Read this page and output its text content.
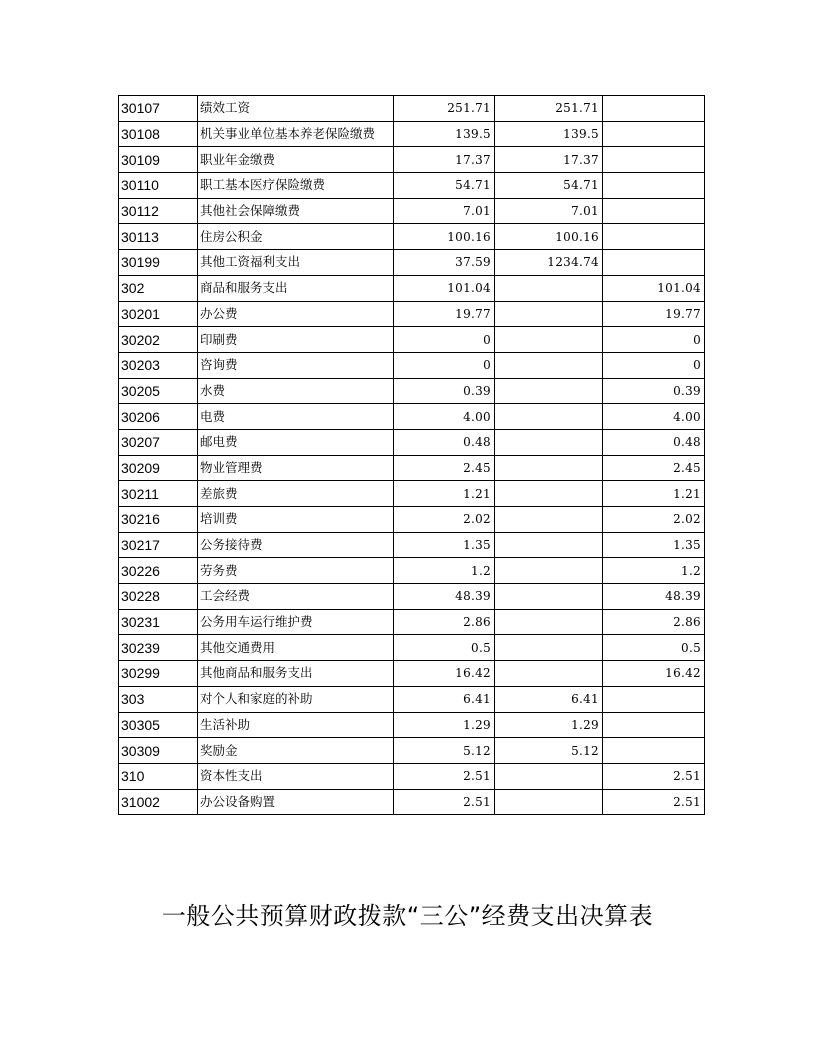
30107	绩效工资	251.71	251.71	
30108	机关事业单位基本养老保险缴费	139.5	139.5	
30109	职业年金缴费	17.37	17.37	
30110	职工基本医疗保险缴费	54.71	54.71	
30112	其他社会保障缴费	7.01	7.01	
30113	住房公积金	100.16	100.16	
30199	其他工资福利支出	37.59	1234.74	
302	商品和服务支出	101.04		101.04
30201	办公费	19.77		19.77
30202	印刷费	0		0
30203	咨询费	0		0
30205	水费	0.39		0.39
30206	电费	4.00		4.00
30207	邮电费	0.48		0.48
30209	物业管理费	2.45		2.45
30211	差旅费	1.21		1.21
30216	培训费	2.02		2.02
30217	公务接待费	1.35		1.35
30226	劳务费	1.2		1.2
30228	工会经费	48.39		48.39
30231	公务用车运行维护费	2.86		2.86
30239	其他交通费用	0.5		0.5
30299	其他商品和服务支出	16.42		16.42
303	对个人和家庭的补助	6.41	6.41	
30305	生活补助	1.29	1.29	
30309	奖励金	5.12	5.12	
310	资本性支出	2.51		2.51
31002	办公设备购置	2.51		2.51
一般公共预算财政拨款“三公”经费支出决算表
